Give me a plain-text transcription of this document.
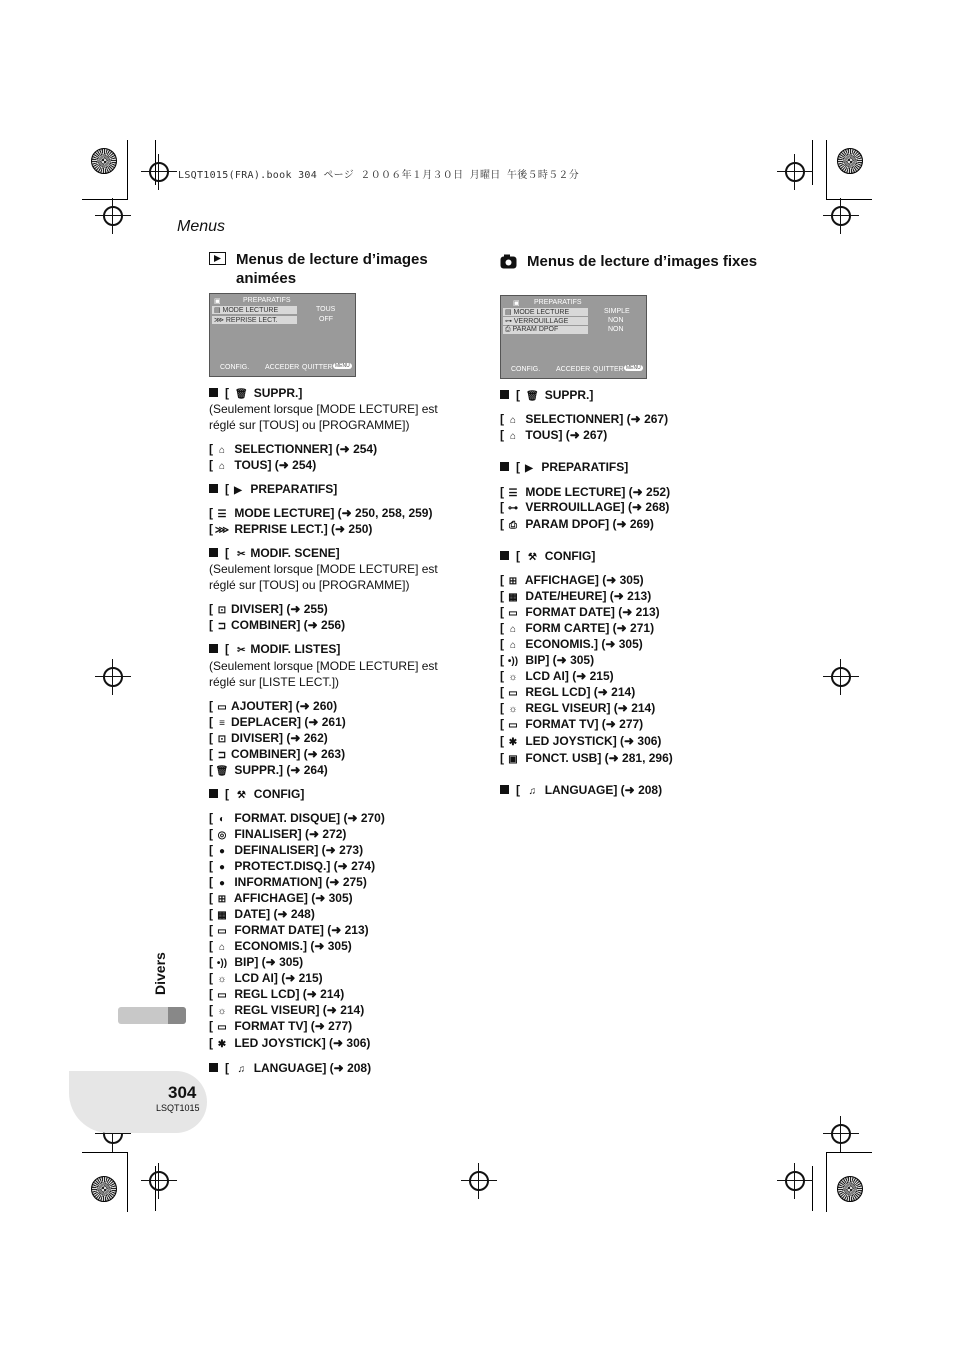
LSQT1015(FRA).book 304 ページ ２００６年１月３０日 月曜日 午後５時５２分
Menus
Menus de lecture d’images animées
▣	PREPARATIFS
▤ MODE LECTURE	TOUS
⋙ REPRISE LECT.	OFF
CONFIG. ACCEDER QUITTER MENU
[ 🗑 SUPPR.]
(Seulement lorsque [MODE LECTURE] est réglé sur [TOUS] ou [PROGRAMME])
[ ⌂ SELECTIONNER] (➜ 254)
[ ⌂ TOUS] (➜ 254)
[ ▶ PREPARATIFS]
[ ☰ MODE LECTURE] (➜ 250, 258, 259)
[ ⋙ REPRISE LECT.] (➜ 250)
[ ✂ MODIF. SCENE]
(Seulement lorsque [MODE LECTURE] est réglé sur [TOUS] ou [PROGRAMME])
[ ⊡ DIVISER] (➜ 255)
[ ⊐ COMBINER] (➜ 256)
[ ✂ MODIF. LISTES]
(Seulement lorsque [MODE LECTURE] est réglé sur [LISTE LECT.])
[ ▭ AJOUTER] (➜ 260)
[ ≡ DEPLACER] (➜ 261)
[ ⊡ DIVISER] (➜ 262)
[ ⊐ COMBINER] (➜ 263)
[ 🗑 SUPPR.] (➜ 264)
[ ⚒ CONFIG]
[ ◐ FORMAT. DISQUE] (➜ 270)
[ ◎ FINALISER] (➜ 272)
[ ● DEFINALISER] (➜ 273)
[ ● PROTECT.DISQ.] (➜ 274)
[ ● INFORMATION] (➜ 275)
[ ⊞ AFFICHAGE] (➜ 305)
[ ▦ DATE] (➜ 248)
[ ▭ FORMAT DATE] (➜ 213)
[ ⌂ ECONOMIS.] (➜ 305)
[ •)) BIP] (➜ 305)
[ ☼ LCD AI] (➜ 215)
[ ▭ REGL LCD] (➜ 214)
[ ☼ REGL VISEUR] (➜ 214)
[ ▭ FORMAT TV] (➜ 277)
[ ✱ LED JOYSTICK] (➜ 306)
[ ♫ LANGUAGE] (➜ 208)
Menus de lecture d’images fixes
▣ PREPARATIFS
▤ MODE LECTURE	SIMPLE
⊶ VERROUILLAGE	NON
⎙ PARAM DPOF	NON
CONFIG. ACCEDER QUITTER MENU
[ 🗑 SUPPR.]
[ ⌂ SELECTIONNER] (➜ 267)
[ ⌂ TOUS] (➜ 267)
[ ▶ PREPARATIFS]
[ ☰ MODE LECTURE] (➜ 252)
[ ⊶ VERROUILLAGE] (➜ 268)
[ ⎙ PARAM DPOF] (➜ 269)
[ ⚒ CONFIG]
[ ⊞ AFFICHAGE] (➜ 305)
[ ▦ DATE/HEURE] (➜ 213)
[ ▭ FORMAT DATE] (➜ 213)
[ ⌂ FORM CARTE] (➜ 271)
[ ⌂ ECONOMIS.] (➜ 305)
[ •)) BIP] (➜ 305)
[ ☼ LCD AI] (➜ 215)
[ ▭ REGL LCD] (➜ 214)
[ ☼ REGL VISEUR] (➜ 214)
[ ▭ FORMAT TV] (➜ 277)
[ ✱ LED JOYSTICK] (➜ 306)
[ ▣ FONCT. USB] (➜ 281, 296)
[ ♫ LANGUAGE] (➜ 208)
Divers
304
LSQT1015
